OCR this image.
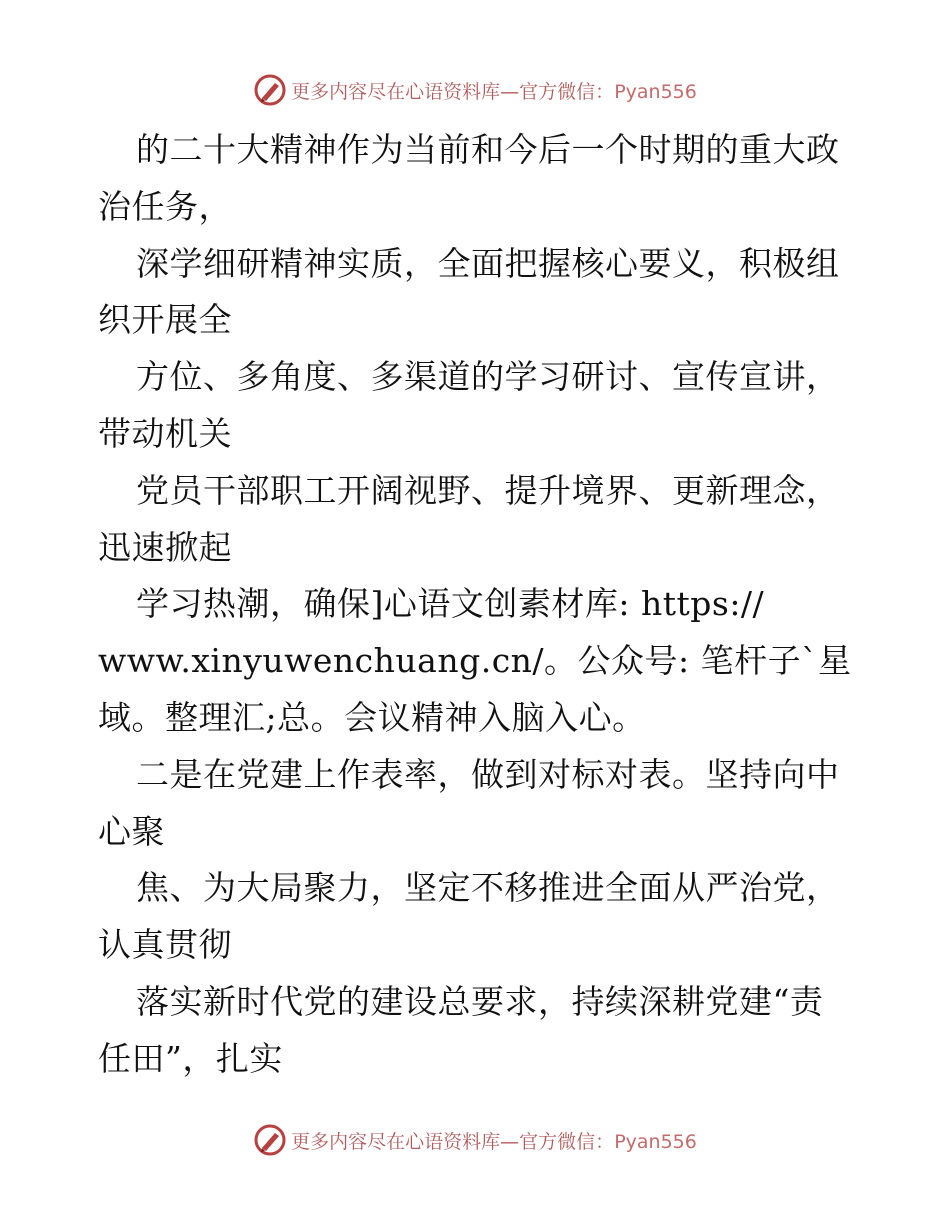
更多内容尽在心语资料库—官方微信：Pyan556
的二十大精神作为当前和今后一个时期的重大政
治任务，
深学细研精神实质，全面把握核心要义，积极组
织开展全
方位、多角度、多渠道的学习研讨、宣传宣讲，
带动机关
党员干部职工开阔视野、提升境界、更新理念，
迅速掀起
学习热潮，确保]心语文创素材库: https://
www.xinyuwenchuang.cn/。公众号: 笔杆子`星
域。整理汇;总。会议精神入脑入心。
二是在党建上作表率，做到对标对表。坚持向中
心聚
焦、为大局聚力，坚定不移推进全面从严治党，
认真贯彻
落实新时代党的建设总要求，持续深耕党建“责
任田”，扎实
更多内容尽在心语资料库—官方微信：Pyan556
